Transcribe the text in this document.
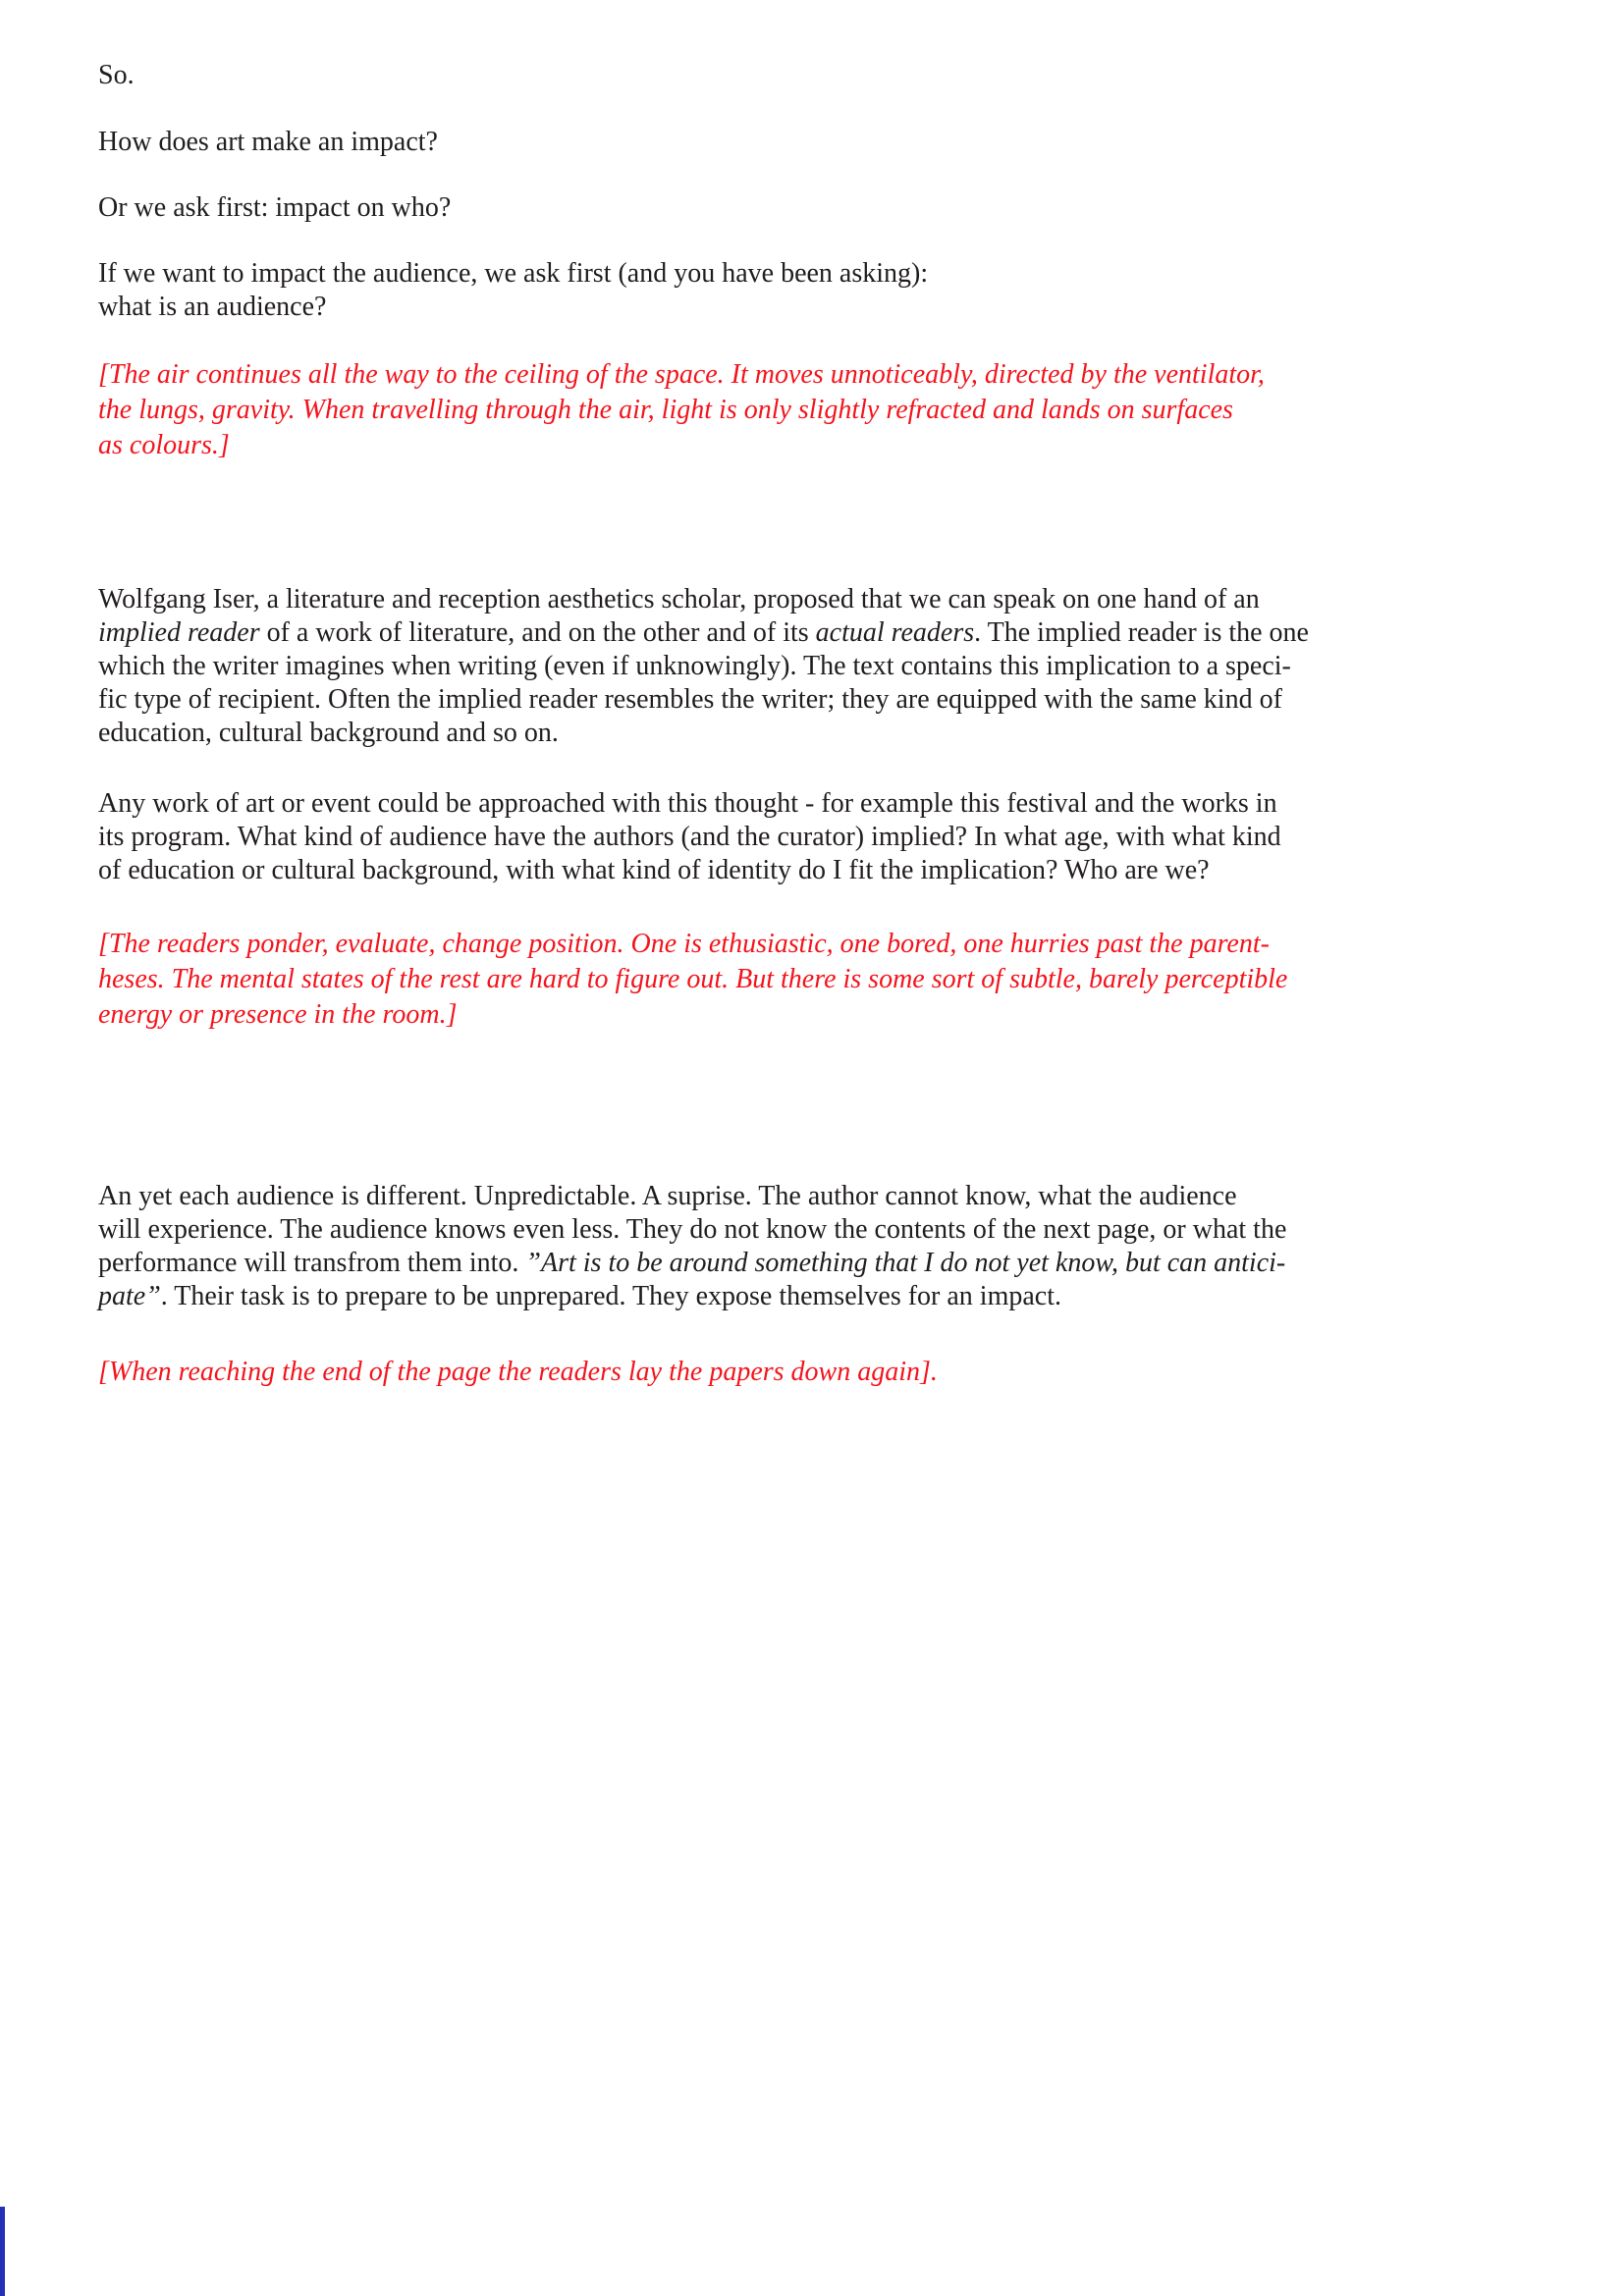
So.
How does art make an impact?
Or we ask first: impact on who?
If we want to impact the audience, we ask first (and you have been asking):
what is an audience?
[The air continues all the way to the ceiling of the space. It moves unnoticeably, directed by the ventilator,
the lungs, gravity. When travelling through the air, light is only slightly refracted and lands on surfaces
as colours.]
Wolfgang Iser, a literature and reception aesthetics scholar, proposed that we can speak on one hand of an
implied reader of a work of literature, and on the other and of its actual readers. The implied reader is the one
which the writer imagines when writing (even if unknowingly). The text contains this implication to a speci-
fic type of recipient. Often the implied reader resembles the writer; they are equipped with the same kind of
education, cultural background and so on.
Any work of art or event could be approached with this thought - for example this festival and the works in
its program. What kind of audience have the authors (and the curator) implied? In what age, with what kind
of education or cultural background, with what kind of identity do I fit the implication? Who are we?
[The readers ponder, evaluate, change position. One is ethusiastic, one bored, one hurries past the parent-
heses. The mental states of the rest are hard to figure out. But there is some sort of subtle, barely perceptible
energy or presence in the room.]
An yet each audience is different. Unpredictable. A suprise. The author cannot know, what the audience
will experience. The audience knows even less. They do not know the contents of the next page, or what the
performance will transfrom them into. ”Art is to be around something that I do not yet know, but can antici-
pate”. Their task is to prepare to be unprepared. They expose themselves for an impact.
[When reaching the end of the page the readers lay the papers down again].
